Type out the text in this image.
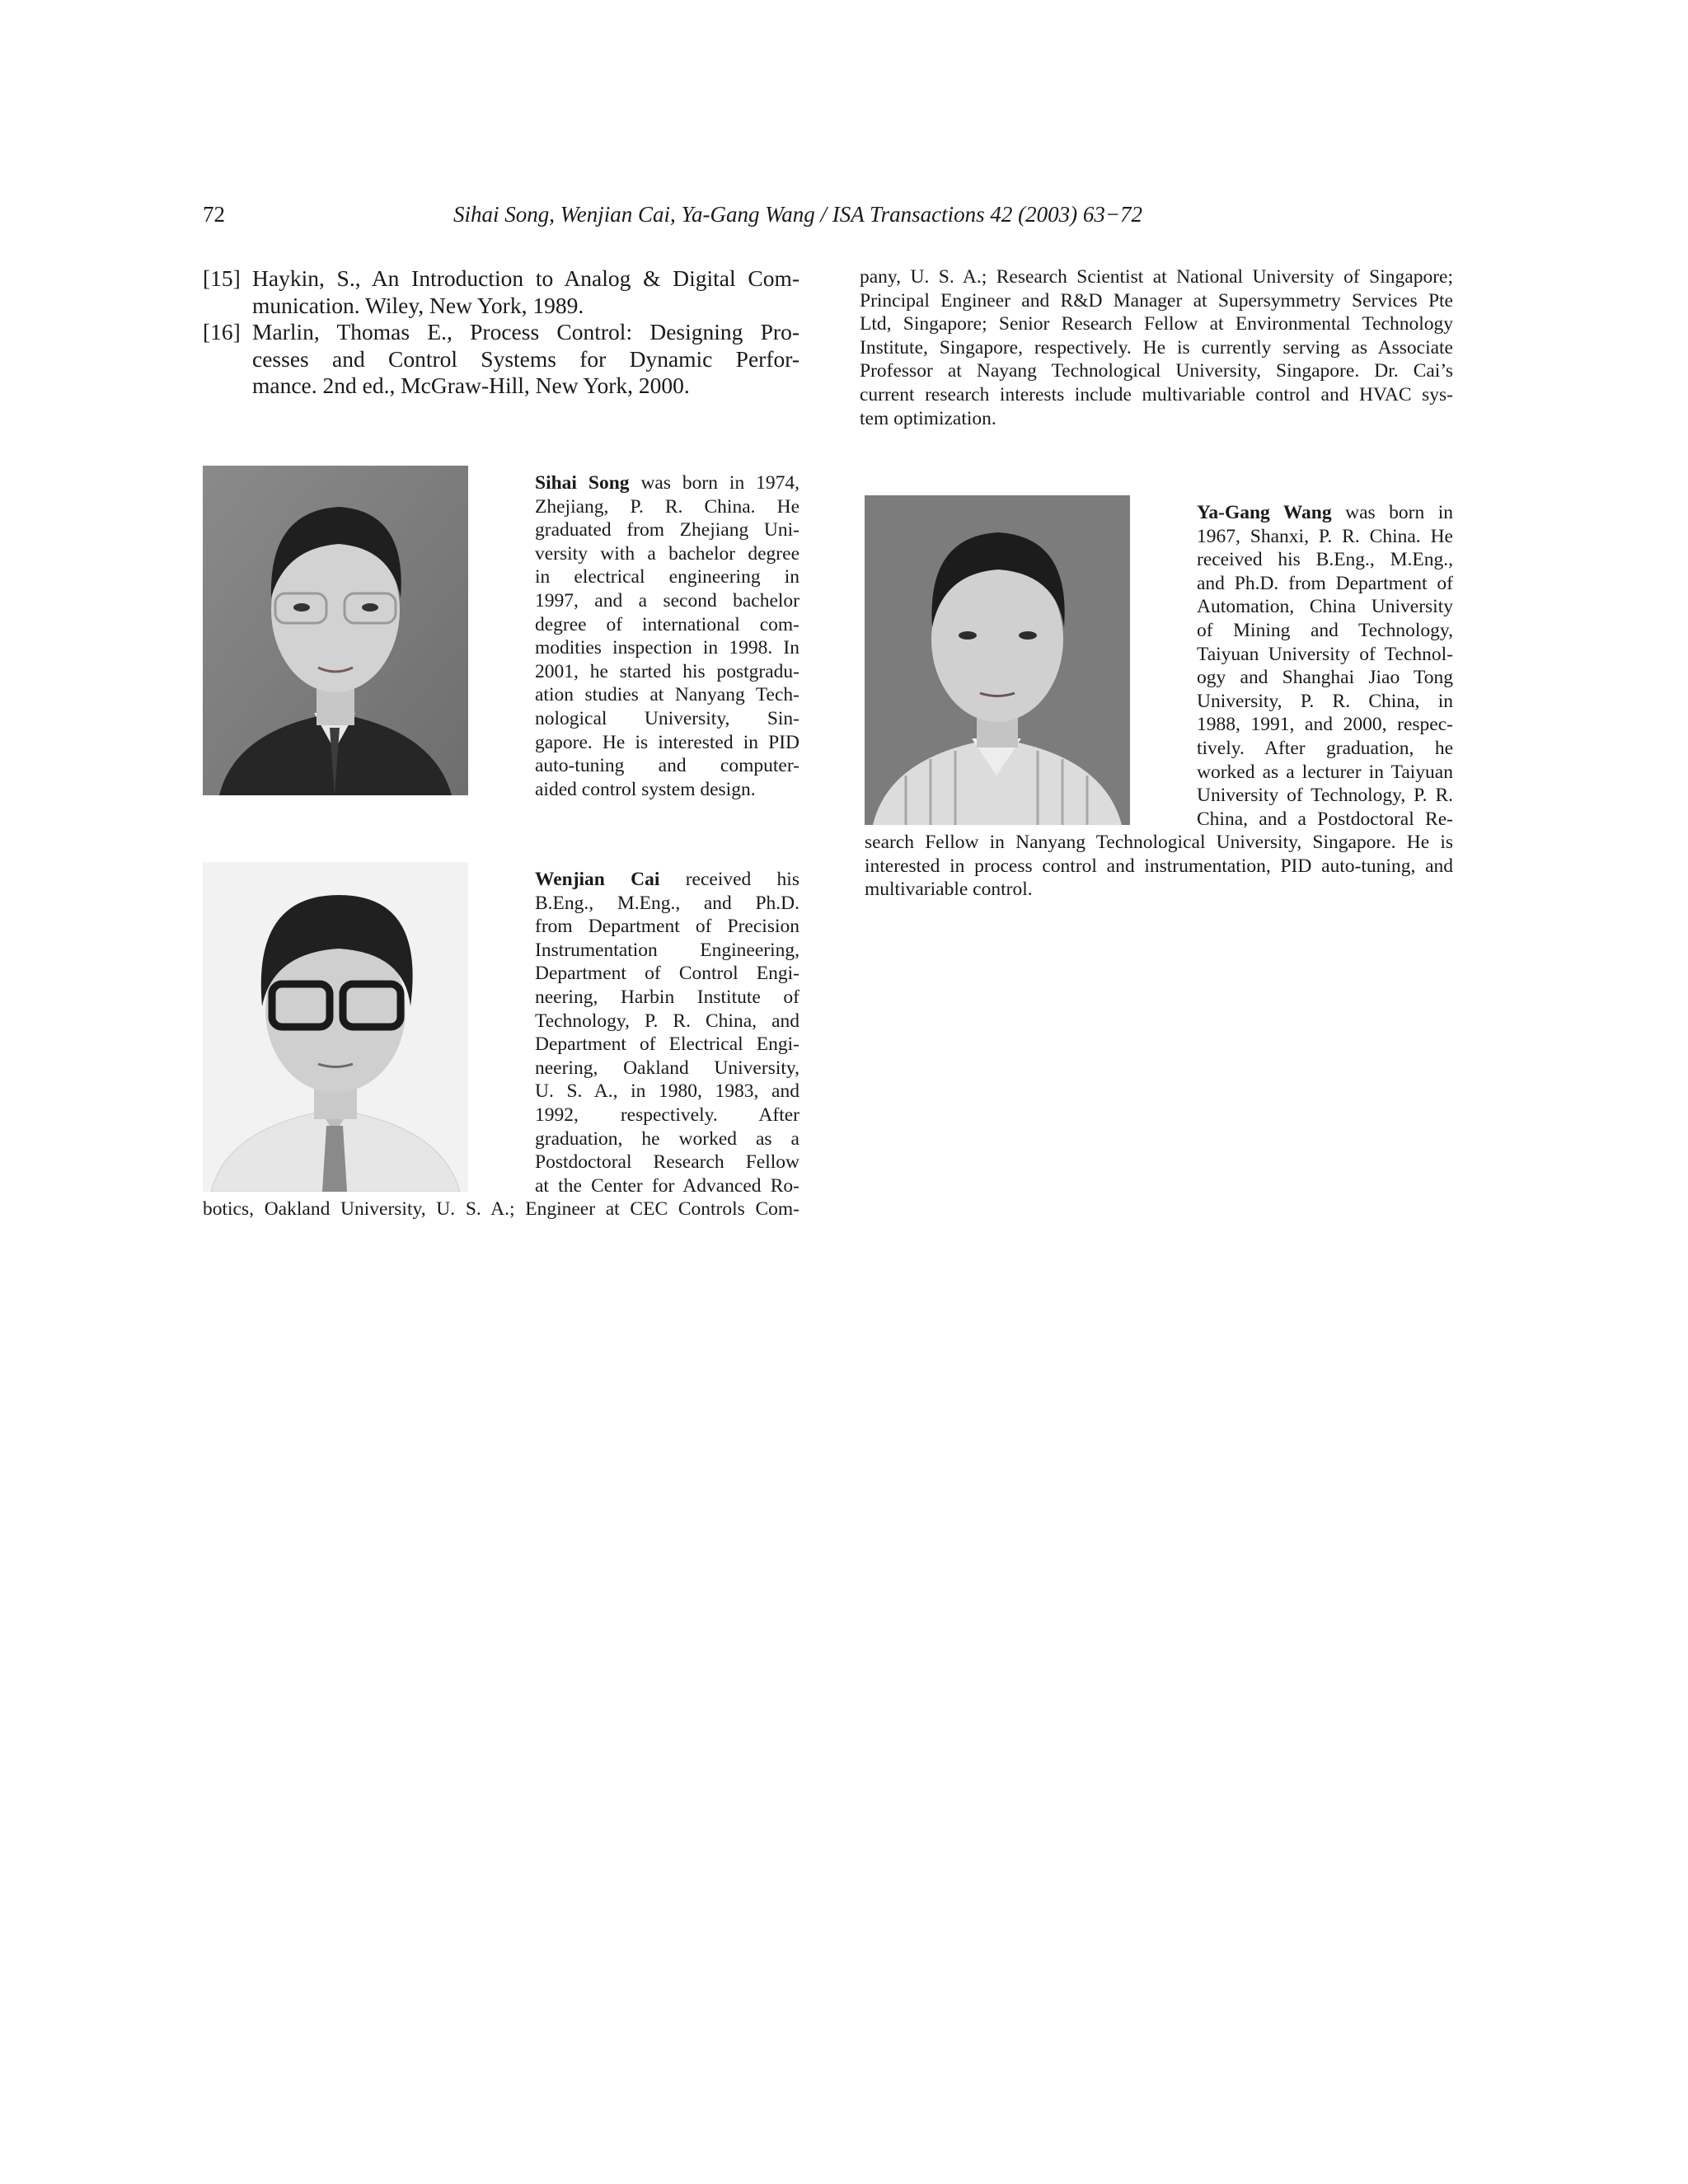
72	Sihai Song, Wenjian Cai, Ya-Gang Wang / ISA Transactions 42 (2003) 63−72
[15] Haykin, S., An Introduction to Analog & Digital Com-
munication. Wiley, New York, 1989.
[16] Marlin, Thomas E., Process Control: Designing Pro-
cesses and Control Systems for Dynamic Perfor-
mance. 2nd ed., McGraw-Hill, New York, 2000.
Sihai Song was born in 1974,
Zhejiang, P. R. China. He
graduated from Zhejiang Uni-
versity with a bachelor degree
in electrical engineering in
1997, and a second bachelor
degree of international com-
modities inspection in 1998. In
2001, he started his postgradu-
ation studies at Nanyang Tech-
nological University, Sin-
gapore. He is interested in PID
auto-tuning and computer-
aided control system design.
Wenjian Cai received his
B.Eng., M.Eng., and Ph.D.
from Department of Precision
Instrumentation Engineering,
Department of Control Engi-
neering, Harbin Institute of
Technology, P. R. China, and
Department of Electrical Engi-
neering, Oakland University,
U. S. A., in 1980, 1983, and
1992, respectively. After
graduation, he worked as a
Postdoctoral Research Fellow
at the Center for Advanced Ro-
botics, Oakland University, U. S. A.; Engineer at CEC Controls Com-
pany, U. S. A.; Research Scientist at National University of Singapore;
Principal Engineer and R&D Manager at Supersymmetry Services Pte
Ltd, Singapore; Senior Research Fellow at Environmental Technology
Institute, Singapore, respectively. He is currently serving as Associate
Professor at Nayang Technological University, Singapore. Dr. Cai’s
current research interests include multivariable control and HVAC sys-
tem optimization.
Ya-Gang Wang was born in
1967, Shanxi, P. R. China. He
received his B.Eng., M.Eng.,
and Ph.D. from Department of
Automation, China University
of Mining and Technology,
Taiyuan University of Technol-
ogy and Shanghai Jiao Tong
University, P. R. China, in
1988, 1991, and 2000, respec-
tively. After graduation, he
worked as a lecturer in Taiyuan
University of Technology, P. R.
China, and a Postdoctoral Re-
search Fellow in Nanyang Technological University, Singapore. He is
interested in process control and instrumentation, PID auto-tuning, and
multivariable control.
